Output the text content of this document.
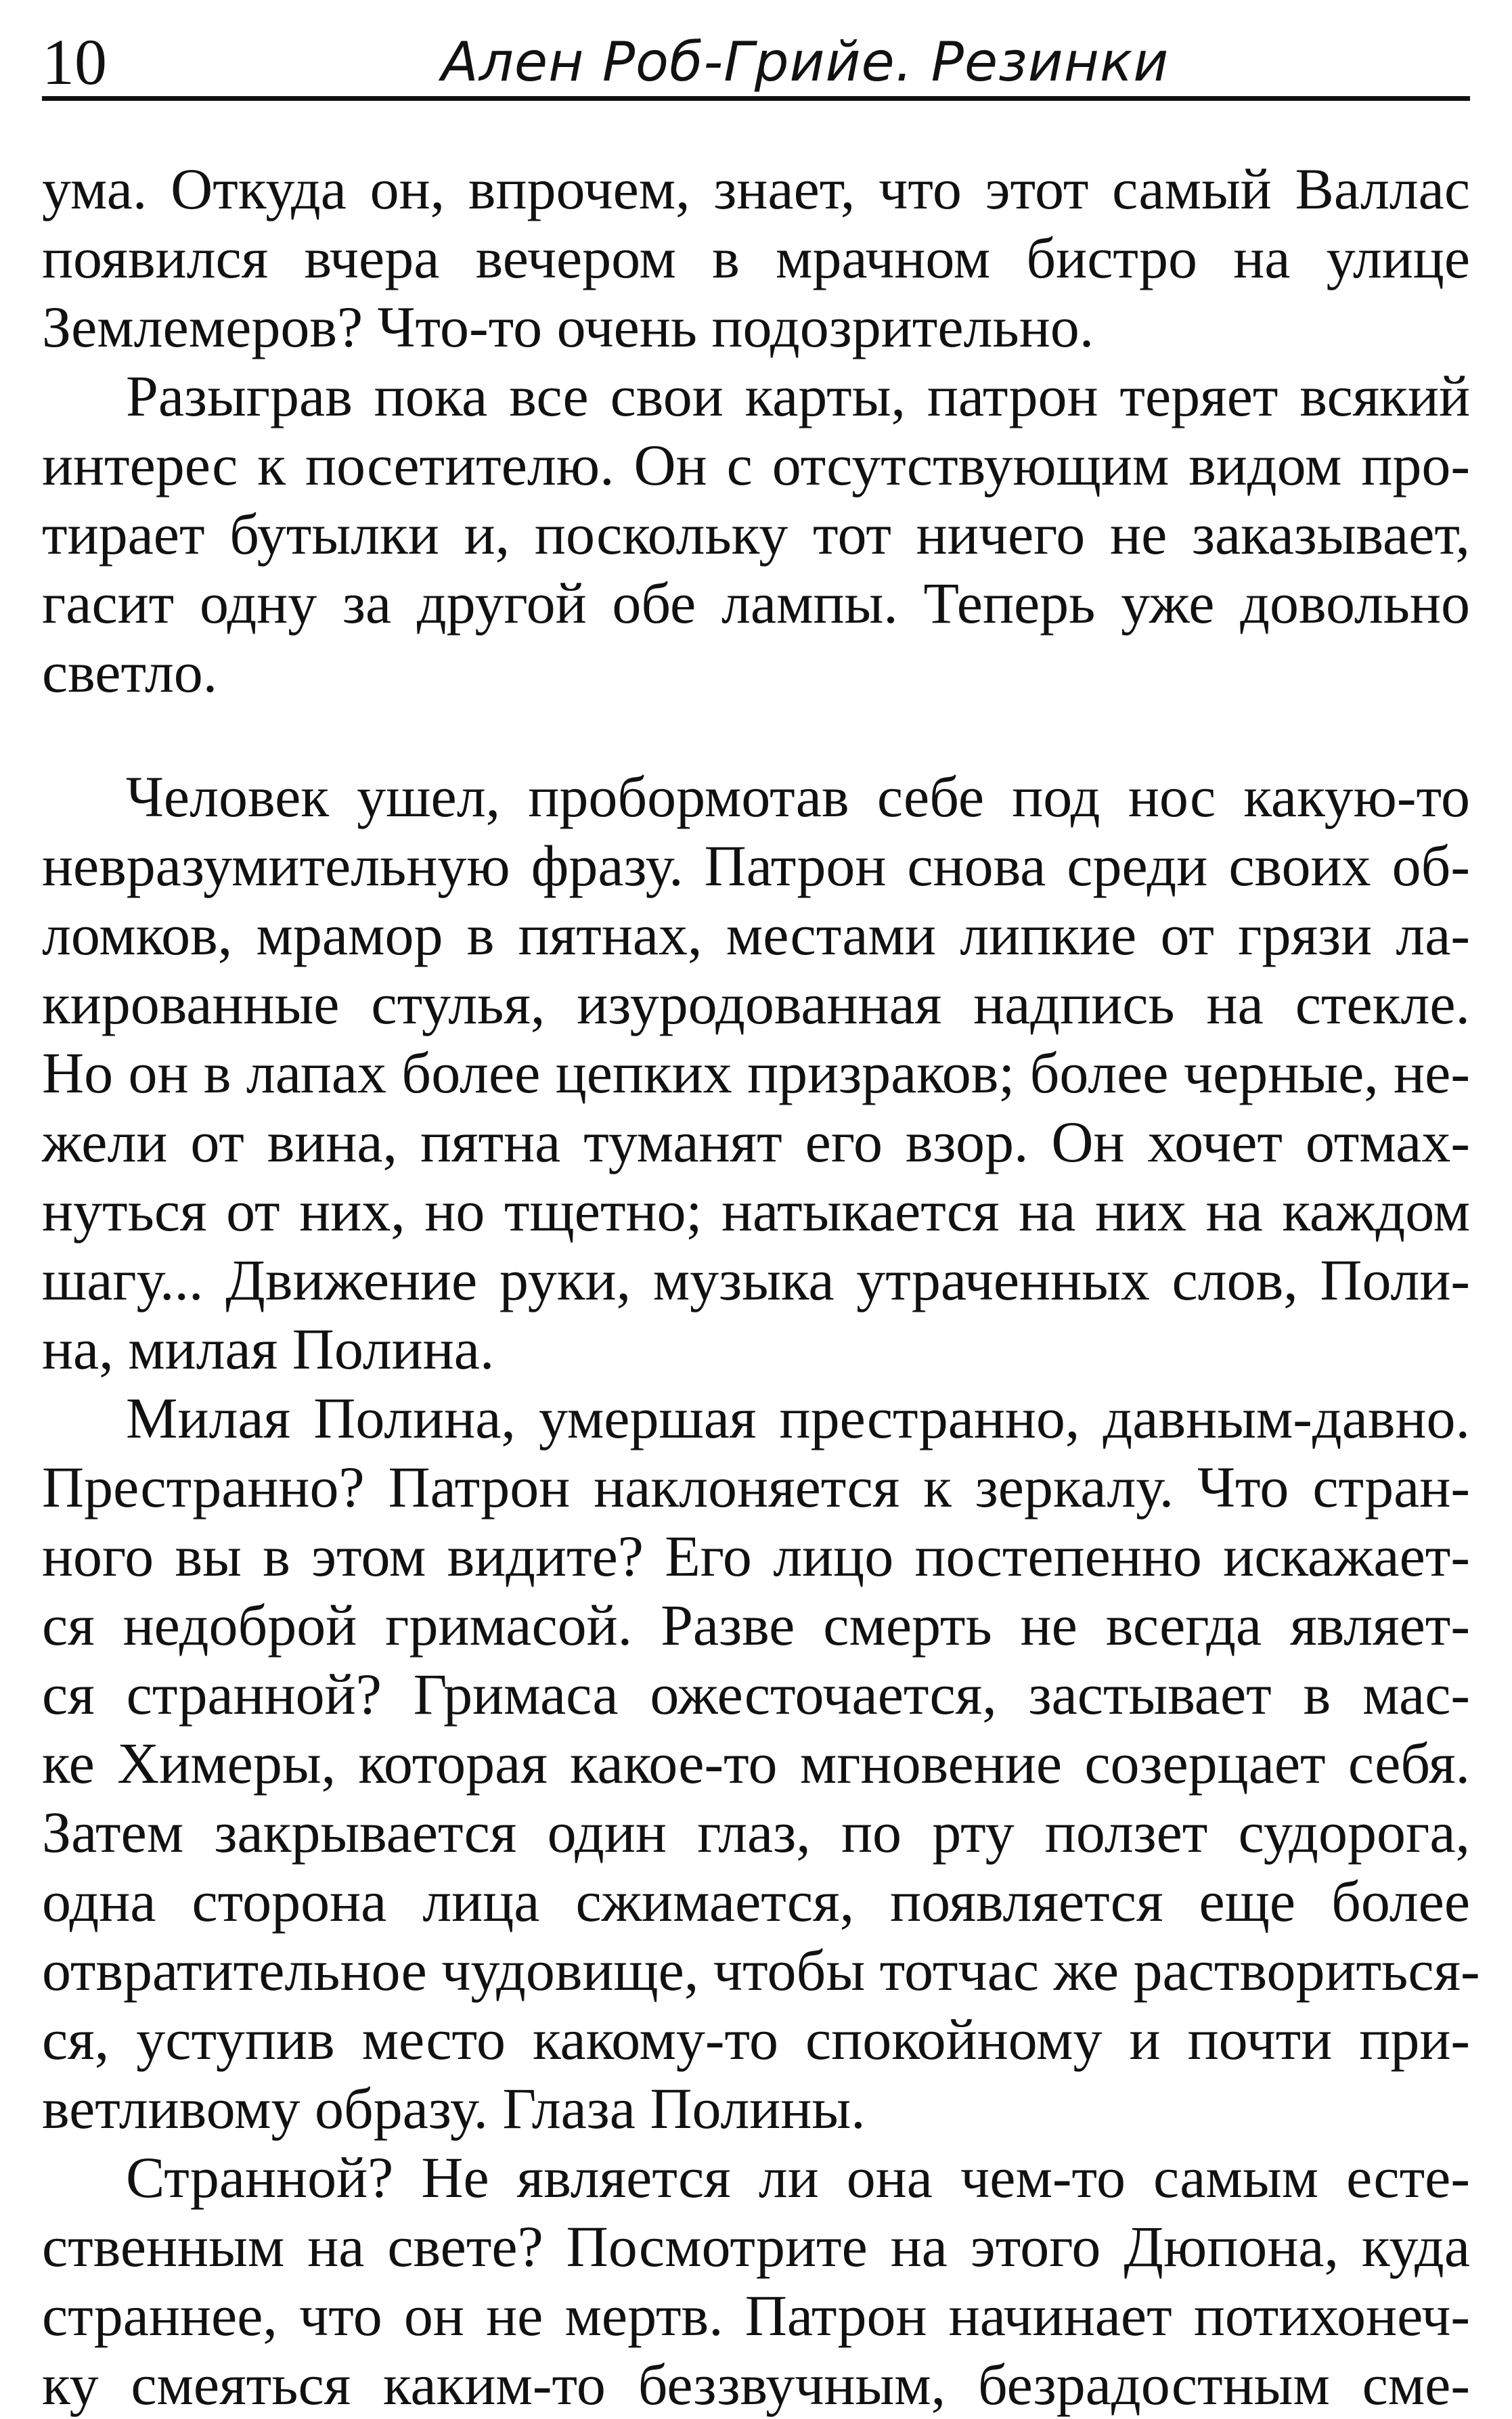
10	Ален Роб-Грийе. Резинки
ума. Откуда он, впрочем, знает, что этот самый Валлас
появился вчера вечером в мрачном бистро на улице
Землемеров? Что-то очень подозрительно.
Разыграв пока все свои карты, патрон теряет всякий
интерес к посетителю. Он с отсутствующим видом про-
тирает бутылки и, поскольку тот ничего не заказывает,
гасит одну за другой обе лампы. Теперь уже довольно
светло.
Человек ушел, пробормотав себе под нос какую-то
невразумительную фразу. Патрон снова среди своих об-
ломков, мрамор в пятнах, местами липкие от грязи ла-
кированные стулья, изуродованная надпись на стекле.
Но он в лапах более цепких призраков; более черные, не-
жели от вина, пятна туманят его взор. Он хочет отмах-
нуться от них, но тщетно; натыкается на них на каждом
шагу... Движение руки, музыка утраченных слов, Поли-
на, милая Полина.
Милая Полина, умершая престранно, давным-давно.
Престранно? Патрон наклоняется к зеркалу. Что стран-
ного вы в этом видите? Его лицо постепенно искажает-
ся недоброй гримасой. Разве смерть не всегда являет-
ся странной? Гримаса ожесточается, застывает в мас-
ке Химеры, которая какое-то мгновение созерцает себя.
Затем закрывается один глаз, по рту ползет судорога,
одна сторона лица сжимается, появляется еще более
отвратительное чудовище, чтобы тотчас же раствориться-
ся, уступив место какому-то спокойному и почти при-
ветливому образу. Глаза Полины.
Странной? Не является ли она чем-то самым есте-
ственным на свете? Посмотрите на этого Дюпона, куда
страннее, что он не мертв. Патрон начинает потихонеч-
ку смеяться каким-то беззвучным, безрадостным сме-
